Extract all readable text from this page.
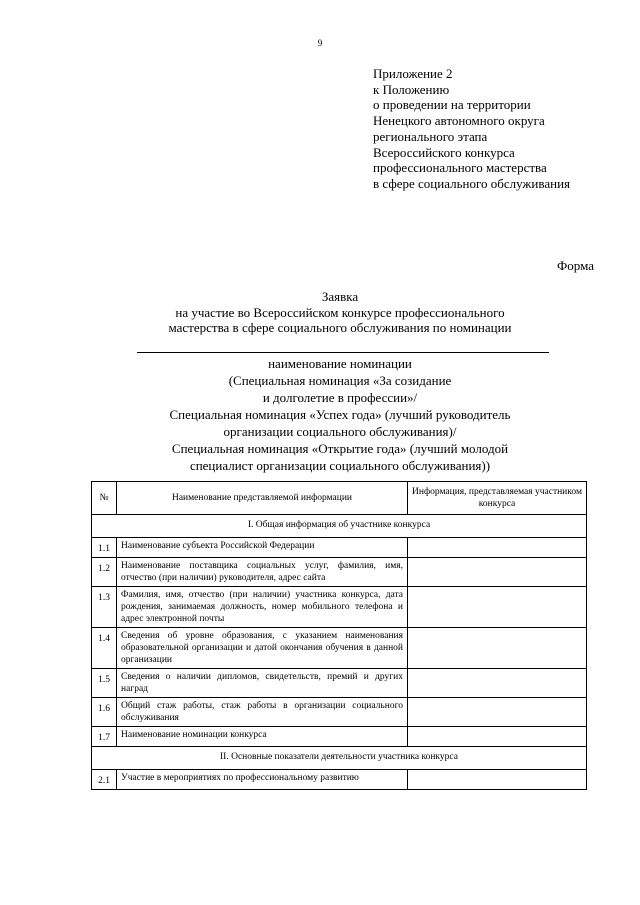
9
Приложение 2
к Положению
о проведении на территории
Ненецкого автономного округа
регионального этапа
Всероссийского конкурса
профессионального мастерства
в сфере социального обслуживания
Форма
Заявка
на участие во Всероссийском конкурсе профессионального
мастерства в сфере социального обслуживания по номинации
наименование номинации
(Специальная номинация «За созидание
и долголетие в профессии»/
Специальная номинация «Успех года» (лучший руководитель
организации социального обслуживания)/
Специальная номинация «Открытие года» (лучший молодой
специалист организации социального обслуживания))
№	Наименование представляемой информации	Информация, представляемая участником конкурса
I. Общая информация об участнике конкурса		
1.1	Наименование субъекта Российской Федерации	
1.2	Наименование поставщика социальных услуг, фамилия, имя, отчество (при наличии) руководителя, адрес сайта	
1.3	Фамилия, имя, отчество (при наличии) участника конкурса, дата рождения, занимаемая должность, номер мобильного телефона и адрес электронной почты	
1.4	Сведения об уровне образования, с указанием наименования образовательной организации и датой окончания обучения в данной организации	
1.5	Сведения о наличии дипломов, свидетельств, премий и других наград	
1.6	Общий стаж работы, стаж работы в организации социального обслуживания	
1.7	Наименование номинации конкурса	
II. Основные показатели деятельности участника конкурса		
2.1	Участие в мероприятиях по профессиональному развитию	
